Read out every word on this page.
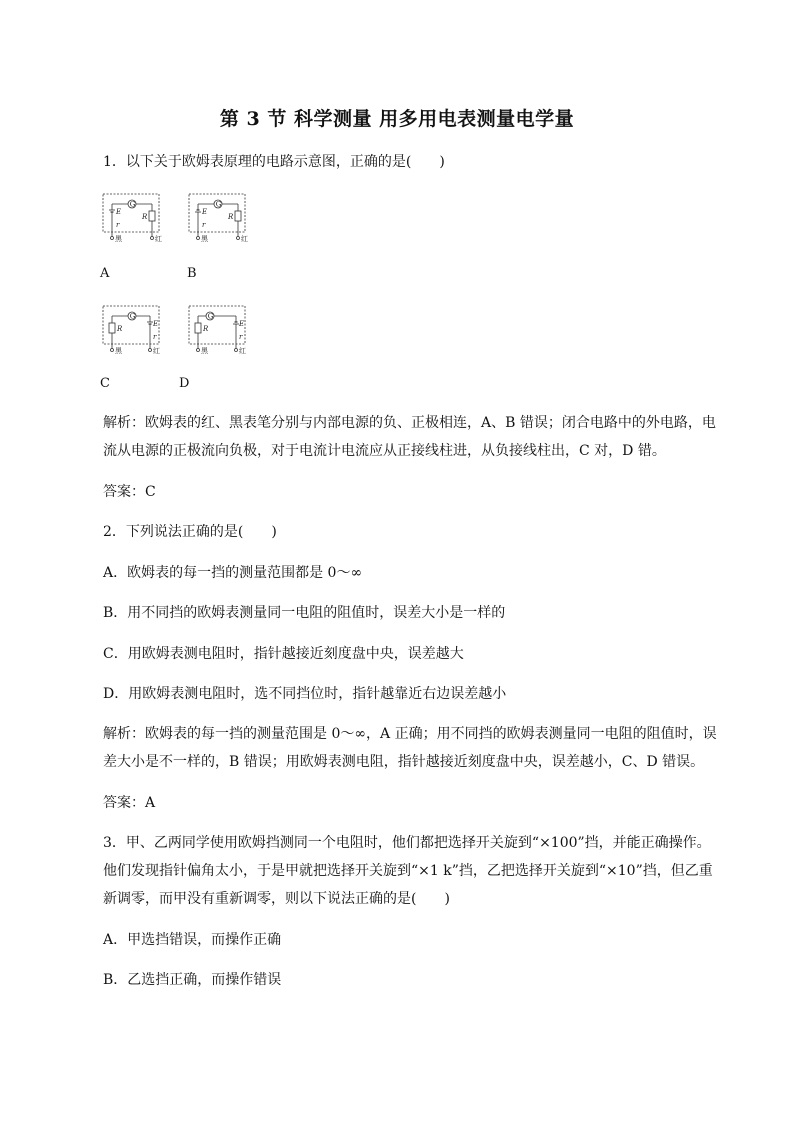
第 3 节 科学测量 用多用电表测量电学量
1．以下关于欧姆表原理的电路示意图，正确的是(　　)
G
E
r
R
黑	红
G
E
r
R
黑	红
A	B
G
R
E
r
黑	红
G
R
E
r
黑	红
C	D
解析：欧姆表的红、黑表笔分别与内部电源的负、正极相连，A、B 错误；闭合电路中的外电路，电流从电源的正极流向负极，对于电流计电流应从正接线柱进，从负接线柱出，C 对，D 错。
答案：C
2．下列说法正确的是(　　)
A．欧姆表的每一挡的测量范围都是 0～∞
B．用不同挡的欧姆表测量同一电阻的阻值时，误差大小是一样的
C．用欧姆表测电阻时，指针越接近刻度盘中央，误差越大
D．用欧姆表测电阻时，选不同挡位时，指针越靠近右边误差越小
解析：欧姆表的每一挡的测量范围是 0～∞，A 正确；用不同挡的欧姆表测量同一电阻的阻值时，误差大小是不一样的，B 错误；用欧姆表测电阻，指针越接近刻度盘中央，误差越小，C、D 错误。
答案：A
3．甲、乙两同学使用欧姆挡测同一个电阻时，他们都把选择开关旋到“×100”挡，并能正确操作。他们发现指针偏角太小，于是甲就把选择开关旋到“×1 k”挡，乙把选择开关旋到“×10”挡，但乙重新调零，而甲没有重新调零，则以下说法正确的是(　　)
A．甲选挡错误，而操作正确
B．乙选挡正确，而操作错误
